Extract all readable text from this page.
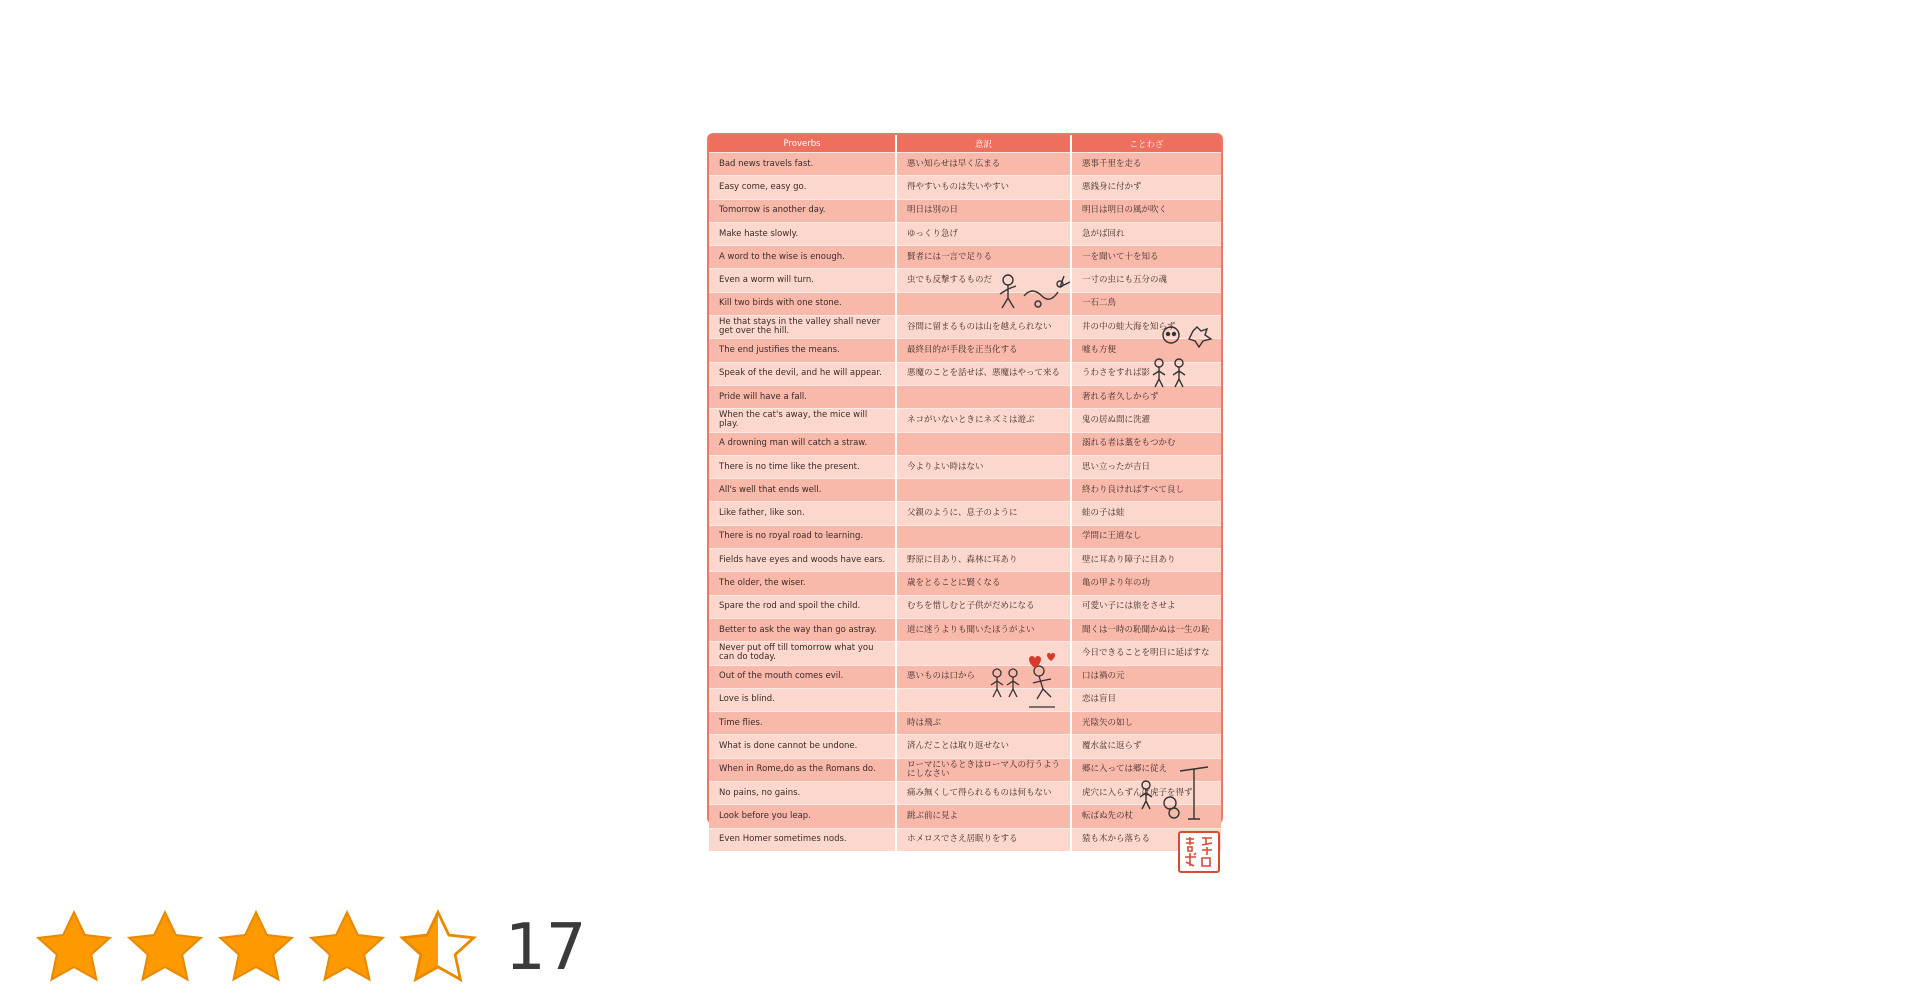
Proverbs	意訳	ことわざ
Bad news travels fast.	悪い知らせは早く広まる	悪事千里を走る
Easy come, easy go.	得やすいものは失いやすい	悪銭身に付かず
Tomorrow is another day.	明日は別の日	明日は明日の風が吹く
Make haste slowly.	ゆっくり急げ	急がば回れ
A word to the wise is enough.	賢者には一言で足りる	一を聞いて十を知る
Even a worm will turn.	虫でも反撃するものだ	一寸の虫にも五分の魂
Kill two birds with one stone.		一石二鳥
He that stays in the valley shall never get over the hill.	谷間に留まるものは山を越えられない	井の中の蛙大海を知らず
The end justifies the means.	最終目的が手段を正当化する	嘘も方便
Speak of the devil, and he will appear.	悪魔のことを話せば、悪魔はやって来る	うわさをすれば影
Pride will have a fall.		奢れる者久しからず
When the cat's away, the mice will play.	ネコがいないときにネズミは遊ぶ	鬼の居ぬ間に洗濯
A drowning man will catch a straw.		溺れる者は藁をもつかむ
There is no time like the present.	今よりよい時はない	思い立ったが吉日
All's well that ends well.		終わり良ければすべて良し
Like father, like son.	父親のように、息子のように	蛙の子は蛙
There is no royal road to learning.		学問に王道なし
Fields have eyes and woods have ears.	野原に目あり、森林に耳あり	壁に耳あり障子に目あり
The older, the wiser.	歳をとることに賢くなる	亀の甲より年の功
Spare the rod and spoil the child.	むちを惜しむと子供がだめになる	可愛い子には旅をさせよ
Better to ask the way than go astray.	道に迷うよりも聞いたほうがよい	聞くは一時の恥聞かぬは一生の恥
Never put off till tomorrow what you can do today.		今日できることを明日に延ばすな
Out of the mouth comes evil.	悪いものは口から	口は禍の元
Love is blind.		恋は盲目
Time flies.	時は飛ぶ	光陰矢の如し
What is done cannot be undone.	済んだことは取り返せない	覆水盆に返らず
When in Rome,do as the Romans do.	ローマにいるときはローマ人の行うようにしなさい	郷に入っては郷に従え
No pains, no gains.	痛み無くして得られるものは何もない	虎穴に入らずんば虎子を得ず
Look before you leap.	跳ぶ前に見よ	転ばぬ先の杖
Even Homer sometimes nods.	ホメロスでさえ居眠りをする	猿も木から落ちる
17
